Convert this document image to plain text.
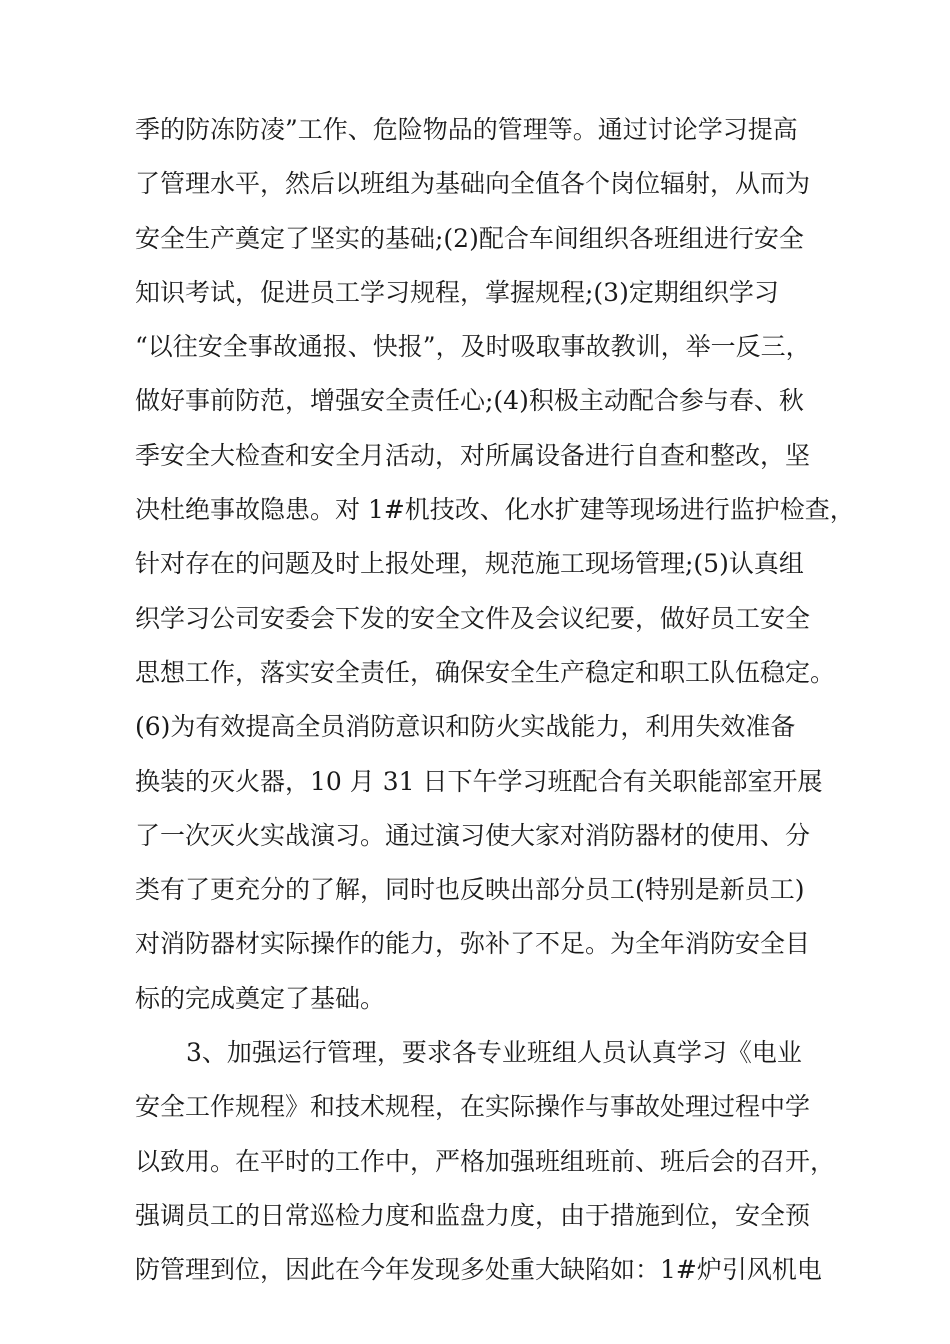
季的防冻防凌”工作、危险物品的管理等。通过讨论学习提高
了管理水平，然后以班组为基础向全值各个岗位辐射，从而为
安全生产奠定了坚实的基础;(2)配合车间组织各班组进行安全
知识考试，促进员工学习规程，掌握规程;(3)定期组织学习
“以往安全事故通报、快报”，及时吸取事故教训，举一反三，
做好事前防范，增强安全责任心;(4)积极主动配合参与春、秋
季安全大检查和安全月活动，对所属设备进行自查和整改，坚
决杜绝事故隐患。对 1#机技改、化水扩建等现场进行监护检查，
针对存在的问题及时上报处理，规范施工现场管理;(5)认真组
织学习公司安委会下发的安全文件及会议纪要，做好员工安全
思想工作，落实安全责任，确保安全生产稳定和职工队伍稳定。
(6)为有效提高全员消防意识和防火实战能力，利用失效准备
换装的灭火器，10 月 31 日下午学习班配合有关职能部室开展
了一次灭火实战演习。通过演习使大家对消防器材的使用、分
类有了更充分的了解，同时也反映出部分员工(特别是新员工)
对消防器材实际操作的能力，弥补了不足。为全年消防安全目
标的完成奠定了基础。
3、加强运行管理，要求各专业班组人员认真学习《电业
安全工作规程》和技术规程，在实际操作与事故处理过程中学
以致用。在平时的工作中，严格加强班组班前、班后会的召开，
强调员工的日常巡检力度和监盘力度，由于措施到位，安全预
防管理到位，因此在今年发现多处重大缺陷如：1#炉引风机电
